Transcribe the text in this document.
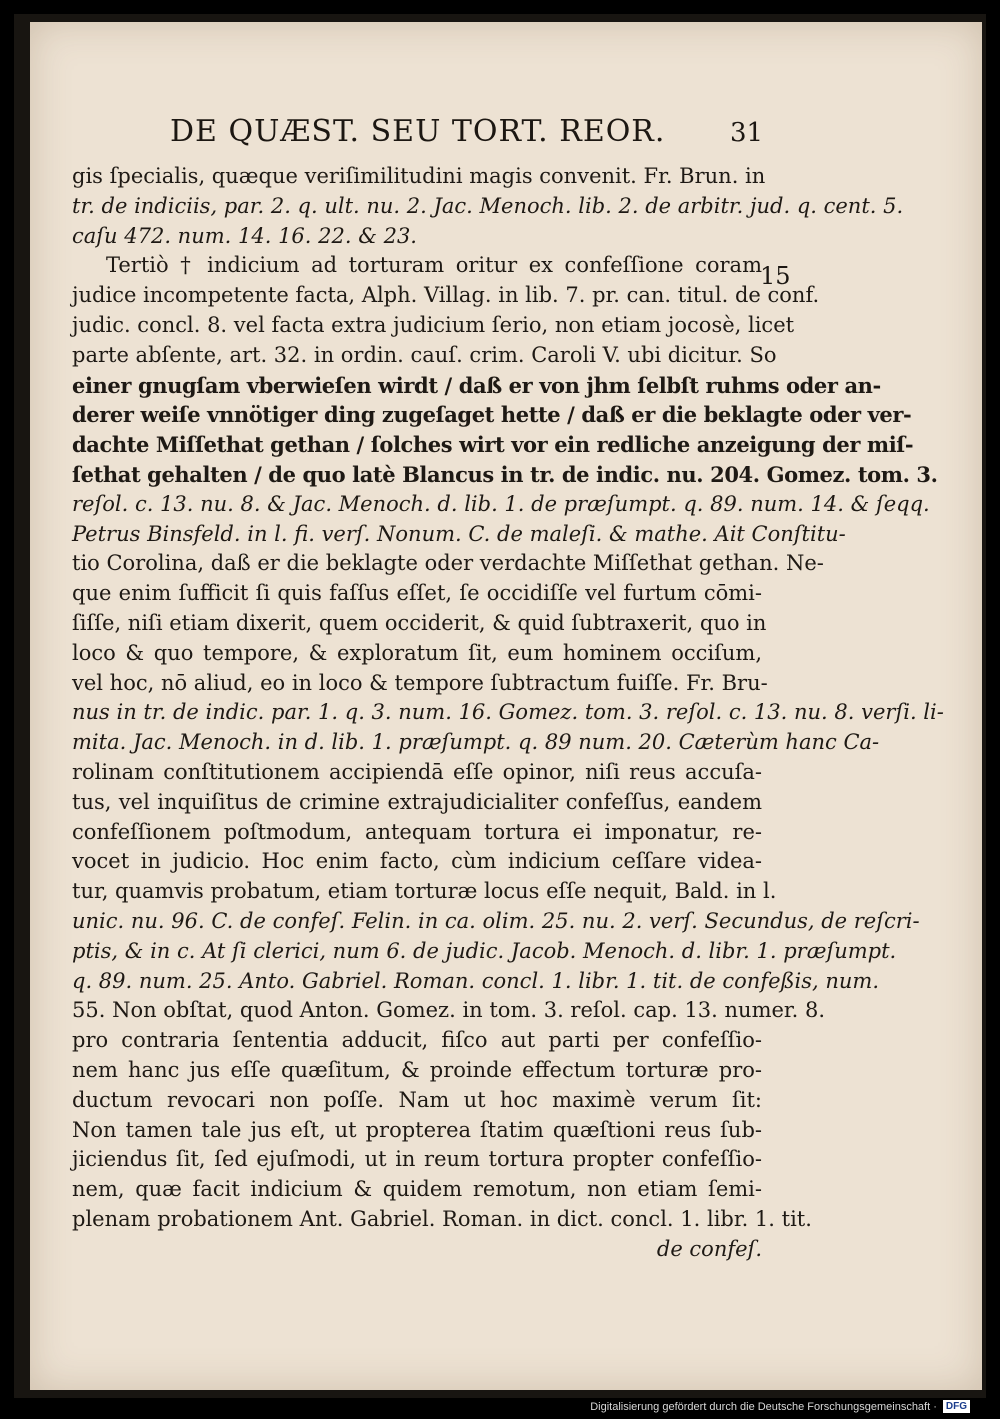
DE QUÆST. SEU TORT. REOR.	31
15
gis ſpecialis, quæque veriſimilitudini magis convenit. Fr. Brun. in
tr. de indiciis, par. 2. q. ult. nu. 2. Jac. Menoch. lib. 2. de arbitr. jud. q. cent. 5.
caſu 472. num. 14. 16. 22. & 23.
Tertiò † indicium ad torturam oritur ex confeſſione coram
judice incompetente facta, Alph. Villag. in lib. 7. pr. can. titul. de conf.
judic. concl. 8. vel facta extra judicium ſerio, non etiam jocosè, licet
parte abſente, art. 32. in ordin. cauſ. crim. Caroli V. ubi dicitur. So
einer gnugſam vberwieſen wirdt / daß er von jhm ſelbſt ruhms oder an-
derer weiſe vnnötiger ding zugeſaget hette / daß er die beklagte oder ver-
dachte Miſſethat gethan / ſolches wirt vor ein redliche anzeigung der miſ-
ſethat gehalten / de quo latè Blancus in tr. de indic. nu. 204. Gomez. tom. 3.
reſol. c. 13. nu. 8. & Jac. Menoch. d. lib. 1. de præſumpt. q. 89. num. 14. & ſeqq.
Petrus Binsfeld. in l. fi. verſ. Nonum. C. de maleſi. & mathe. Ait Conſtitu-
tio Corolina, daß er die beklagte oder verdachte Miſſethat gethan. Ne-
que enim ſufficit ſi quis faſſus eſſet, ſe occidiſſe vel furtum cōmi-
ſiſſe, niſi etiam dixerit, quem occiderit, & quid ſubtraxerit, quo in
loco & quo tempore, & exploratum ſit, eum hominem occiſum,
vel hoc, nō aliud, eo in loco & tempore ſubtractum fuiſſe. Fr. Bru-
nus in tr. de indic. par. 1. q. 3. num. 16. Gomez. tom. 3. reſol. c. 13. nu. 8. verſi. li-
mita. Jac. Menoch. in d. lib. 1. præſumpt. q. 89 num. 20. Cæterùm hanc Ca-
rolinam conſtitutionem accipiendā eſſe opinor, niſi reus accuſa-
tus, vel inquiſitus de crimine extrajudicialiter confeſſus, eandem
confeſſionem poſtmodum, antequam tortura ei imponatur, re-
vocet in judicio. Hoc enim facto, cùm indicium ceſſare videa-
tur, quamvis probatum, etiam torturæ locus eſſe nequit, Bald. in l.
unic. nu. 96. C. de confeſ. Felin. in ca. olim. 25. nu. 2. verſ. Secundus, de reſcri-
ptis, & in c. At ſi clerici, num 6. de judic. Jacob. Menoch. d. libr. 1. præſumpt.
q. 89. num. 25. Anto. Gabriel. Roman. concl. 1. libr. 1. tit. de confeßis, num.
55. Non obſtat, quod Anton. Gomez. in tom. 3. reſol. cap. 13. numer. 8.
pro contraria ſententia adducit, fiſco aut parti per confeſſio-
nem hanc jus eſſe quæſitum, & proinde effectum torturæ pro-
ductum revocari non poſſe. Nam ut hoc maximè verum ſit:
Non tamen tale jus eſt, ut propterea ſtatim quæſtioni reus ſub-
jiciendus ſit, ſed ejuſmodi, ut in reum tortura propter confeſſio-
nem, quæ facit indicium & quidem remotum, non etiam ſemi-
plenam probationem Ant. Gabriel. Roman. in dict. concl. 1. libr. 1. tit.
de confeſ.
Digitalisierung gefördert durch die Deutsche Forschungsgemeinschaft · DFG
